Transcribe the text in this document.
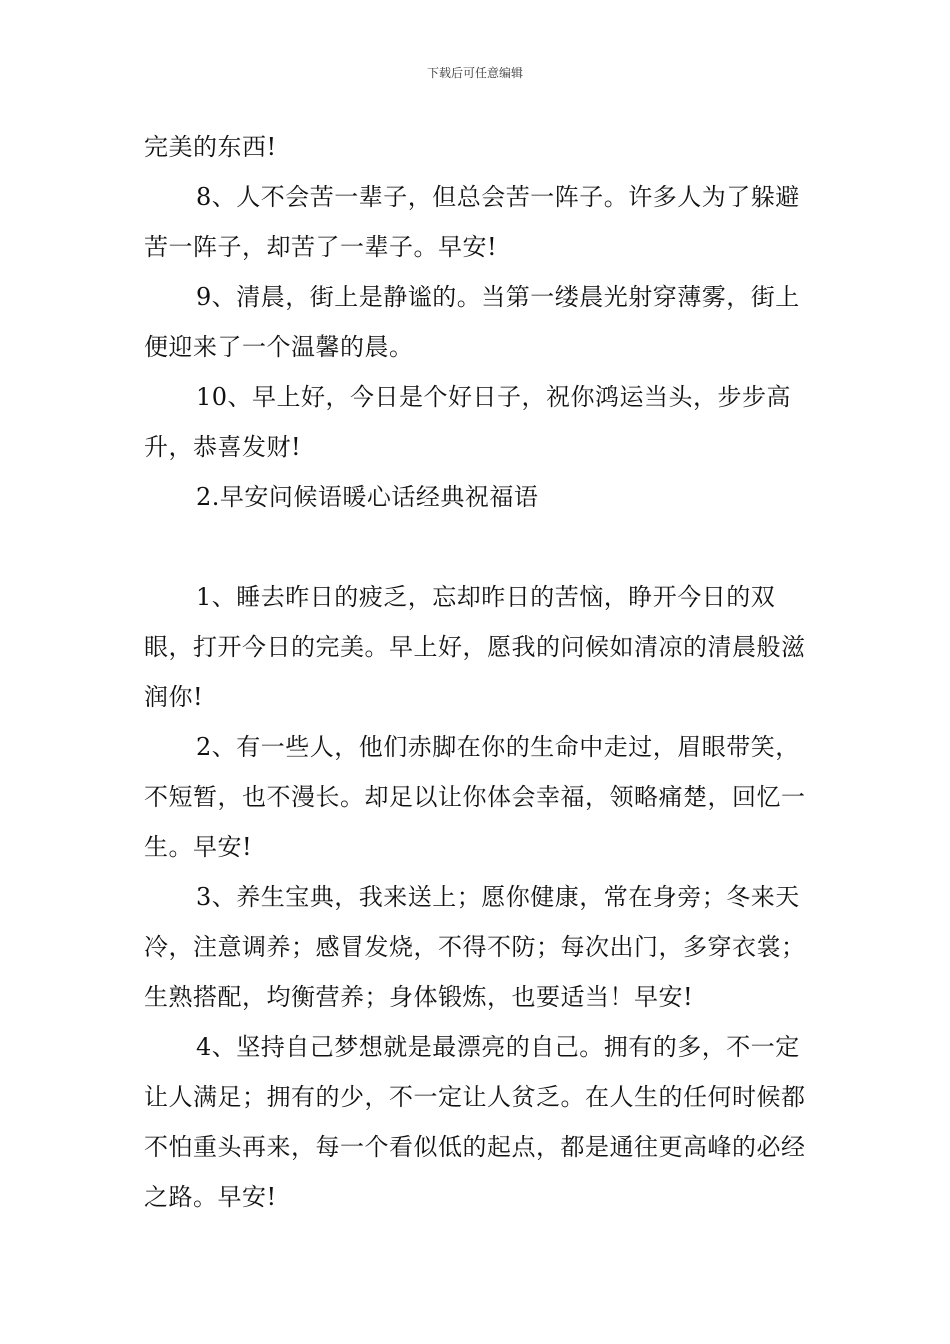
下载后可任意编辑

完美的东西!

8、人不会苦一辈子，但总会苦一阵子。许多人为了躲避苦一阵子，却苦了一辈子。早安!

9、清晨，街上是静谧的。当第一缕晨光射穿薄雾，街上便迎来了一个温馨的晨。

10、早上好，今日是个好日子，祝你鸿运当头，步步高升，恭喜发财!

2.早安问候语暖心话经典祝福语

1、睡去昨日的疲乏，忘却昨日的苦恼，睁开今日的双眼，打开今日的完美。早上好，愿我的问候如清凉的清晨般滋润你!

2、有一些人，他们赤脚在你的生命中走过，眉眼带笑，不短暂，也不漫长。却足以让你体会幸福，领略痛楚，回忆一生。早安!

3、养生宝典，我来送上；愿你健康，常在身旁；冬来天冷，注意调养；感冒发烧，不得不防；每次出门，多穿衣裳；生熟搭配，均衡营养；身体锻炼，也要适当！早安!

4、坚持自己梦想就是最漂亮的自己。拥有的多，不一定让人满足；拥有的少，不一定让人贫乏。在人生的任何时候都不怕重头再来，每一个看似低的起点，都是通往更高峰的必经之路。早安!
